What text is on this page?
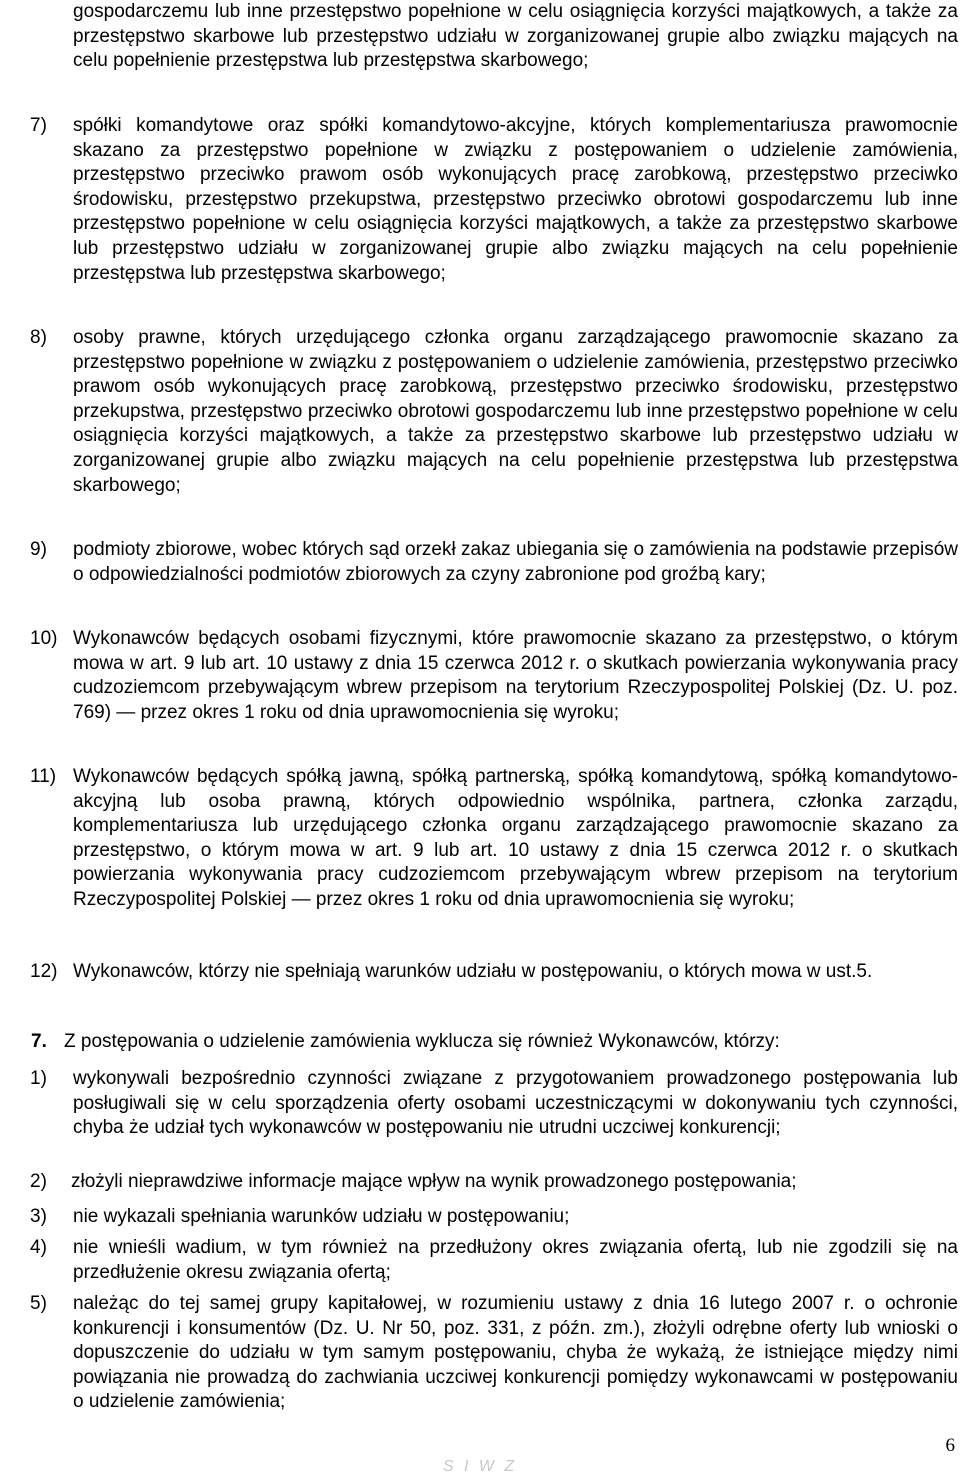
gospodarczemu lub inne przestępstwo popełnione w celu osiągnięcia korzyści majątkowych, a także za przestępstwo skarbowe lub przestępstwo udziału w zorganizowanej grupie albo związku mających na celu popełnienie przestępstwa lub przestępstwa skarbowego;
7) spółki komandytowe oraz spółki komandytowo-akcyjne, których komplementariusza prawomocnie skazano za przestępstwo popełnione w związku z postępowaniem o udzielenie zamówienia, przestępstwo przeciwko prawom osób wykonujących pracę zarobkową, przestępstwo przeciwko środowisku, przestępstwo przekupstwa, przestępstwo przeciwko obrotowi gospodarczemu lub inne przestępstwo popełnione w celu osiągnięcia korzyści majątkowych, a także za przestępstwo skarbowe lub przestępstwo udziału w zorganizowanej grupie albo związku mających na celu popełnienie przestępstwa lub przestępstwa skarbowego;
8) osoby prawne, których urzędującego członka organu zarządzającego prawomocnie skazano za przestępstwo popełnione w związku z postępowaniem o udzielenie zamówienia, przestępstwo przeciwko prawom osób wykonujących pracę zarobkową, przestępstwo przeciwko środowisku, przestępstwo przekupstwa, przestępstwo przeciwko obrotowi gospodarczemu lub inne przestępstwo popełnione w celu osiągnięcia korzyści majątkowych, a także za przestępstwo skarbowe lub przestępstwo udziału w zorganizowanej grupie albo związku mających na celu popełnienie przestępstwa lub przestępstwa skarbowego;
9) podmioty zbiorowe, wobec których sąd orzekł zakaz ubiegania się o zamówienia na podstawie przepisów o odpowiedzialności podmiotów zbiorowych za czyny zabronione pod groźbą kary;
10) Wykonawców będących osobami fizycznymi, które prawomocnie skazano za przestępstwo, o którym mowa w art. 9 lub art. 10 ustawy z dnia 15 czerwca 2012 r. o skutkach powierzania wykonywania pracy cudzoziemcom przebywającym wbrew przepisom na terytorium Rzeczypospolitej Polskiej (Dz. U. poz. 769) — przez okres 1 roku od dnia uprawomocnienia się wyroku;
11) Wykonawców będących spółką jawną, spółką partnerską, spółką komandytową, spółką komandytowo-akcyjną lub osoba prawną, których odpowiednio wspólnika, partnera, członka zarządu, komplementariusza lub urzędującego członka organu zarządzającego prawomocnie skazano za przestępstwo, o którym mowa w art. 9 lub art. 10 ustawy z dnia 15 czerwca 2012 r. o skutkach powierzania wykonywania pracy cudzoziemcom przebywającym wbrew przepisom na terytorium Rzeczypospolitej Polskiej — przez okres 1 roku od dnia uprawomocnienia się wyroku;
12) Wykonawców, którzy nie spełniają warunków udziału w postępowaniu, o których mowa w ust.5.
7. Z postępowania o udzielenie zamówienia wyklucza się również Wykonawców, którzy:
1) wykonywali bezpośrednio czynności związane z przygotowaniem prowadzonego postępowania lub posługiwali się w celu sporządzenia oferty osobami uczestniczącymi w dokonywaniu tych czynności, chyba że udział tych wykonawców w postępowaniu nie utrudni uczciwej konkurencji;
2) złożyli nieprawdziwe informacje mające wpływ na wynik prowadzonego postępowania;
3) nie wykazali spełniania warunków udziału w postępowaniu;
4) nie wnieśli wadium, w tym również na przedłużony okres związania ofertą, lub nie zgodzili się na przedłużenie okresu związania ofertą;
5) należąc do tej samej grupy kapitałowej, w rozumieniu ustawy z dnia 16 lutego 2007 r. o ochronie konkurencji i konsumentów (Dz. U. Nr 50, poz. 331, z późn. zm.), złożyli odrębne oferty lub wnioski o dopuszczenie do udziału w tym samym postępowaniu, chyba że wykażą, że istniejące między nimi powiązania nie prowadzą do zachwiania uczciwej konkurencji pomiędzy wykonawcami w postępowaniu o udzielenie zamówienia;
6
S I W Z
